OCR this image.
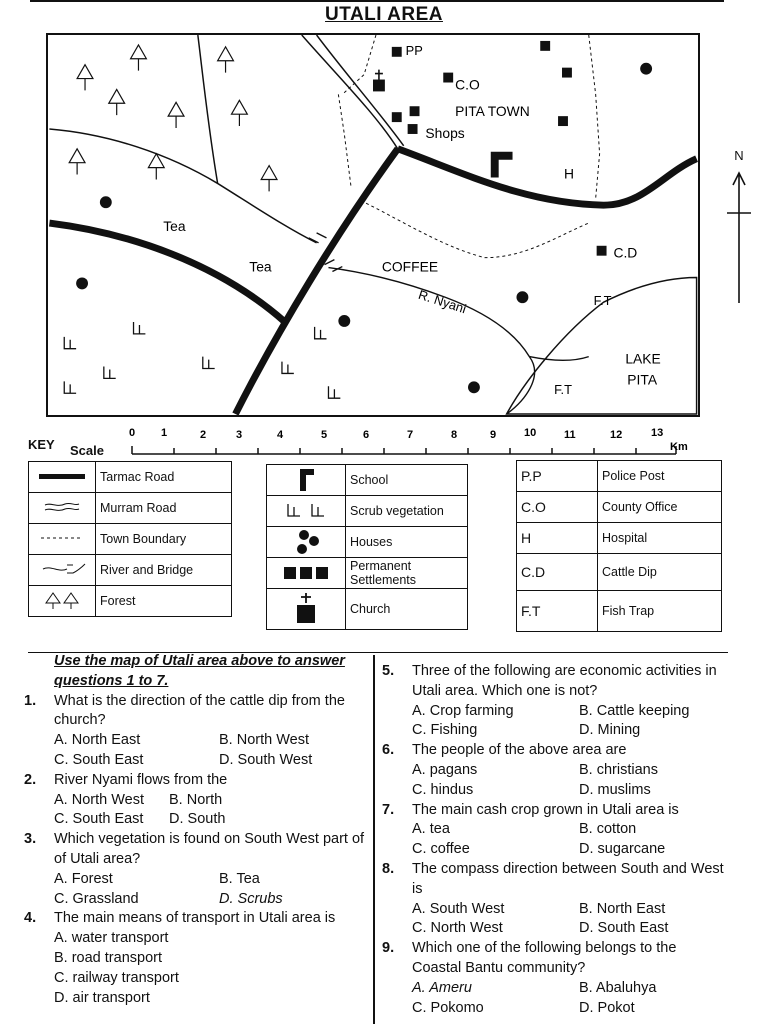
UTALI AREA
PP
C.O
PITA TOWN
Shops
H
Tea
Tea	COFFEE
C.D
R. Nyani	F.T
F.T
LAKE
PITA
N
KEY Scale
0 1	2	3	4	5	6	7	8	9	10	11	12	13
Km
	Tarmac Road
	Murram Road
	Town Boundary
	River and Bridge
	Forest
	School
	Scrub vegetation
	Houses
	Permanent Settlements
	Church
P.P	Police Post
C.O	County Office
H	Hospital
C.D	Cattle Dip
F.T	Fish Trap
Use the map of Utali area above to answer questions 1 to 7.
1. What is the direction of the cattle dip from the church?
A. North East	B. North West
C. South East	D. South West
2. River Nyami flows from the
A. North West	B. North
C. South East	D. South
3. Which vegetation is found on South West part of of Utali area?
A. Forest	B. Tea
C. Grassland	D. Scrubs
4. The main means of transport in Utali area is
A. water transport
B. road transport
C. railway transport
D. air transport
5. Three of the following are economic activities in Utali area. Which one is not?
A. Crop farming	B. Cattle keeping
C. Fishing	D. Mining
6. The people of the above area are
A. pagans	B. christians
C. hindus	D. muslims
7. The main cash crop grown in Utali area is
A. tea	B. cotton
C. coffee	D. sugarcane
8. The compass direction between South and West is
A. South West	B. North East
C. North West	D. South East
9. Which one of the following belongs to the Coastal Bantu community?
A. Ameru	B. Abaluhya
C. Pokomo	D. Pokot
